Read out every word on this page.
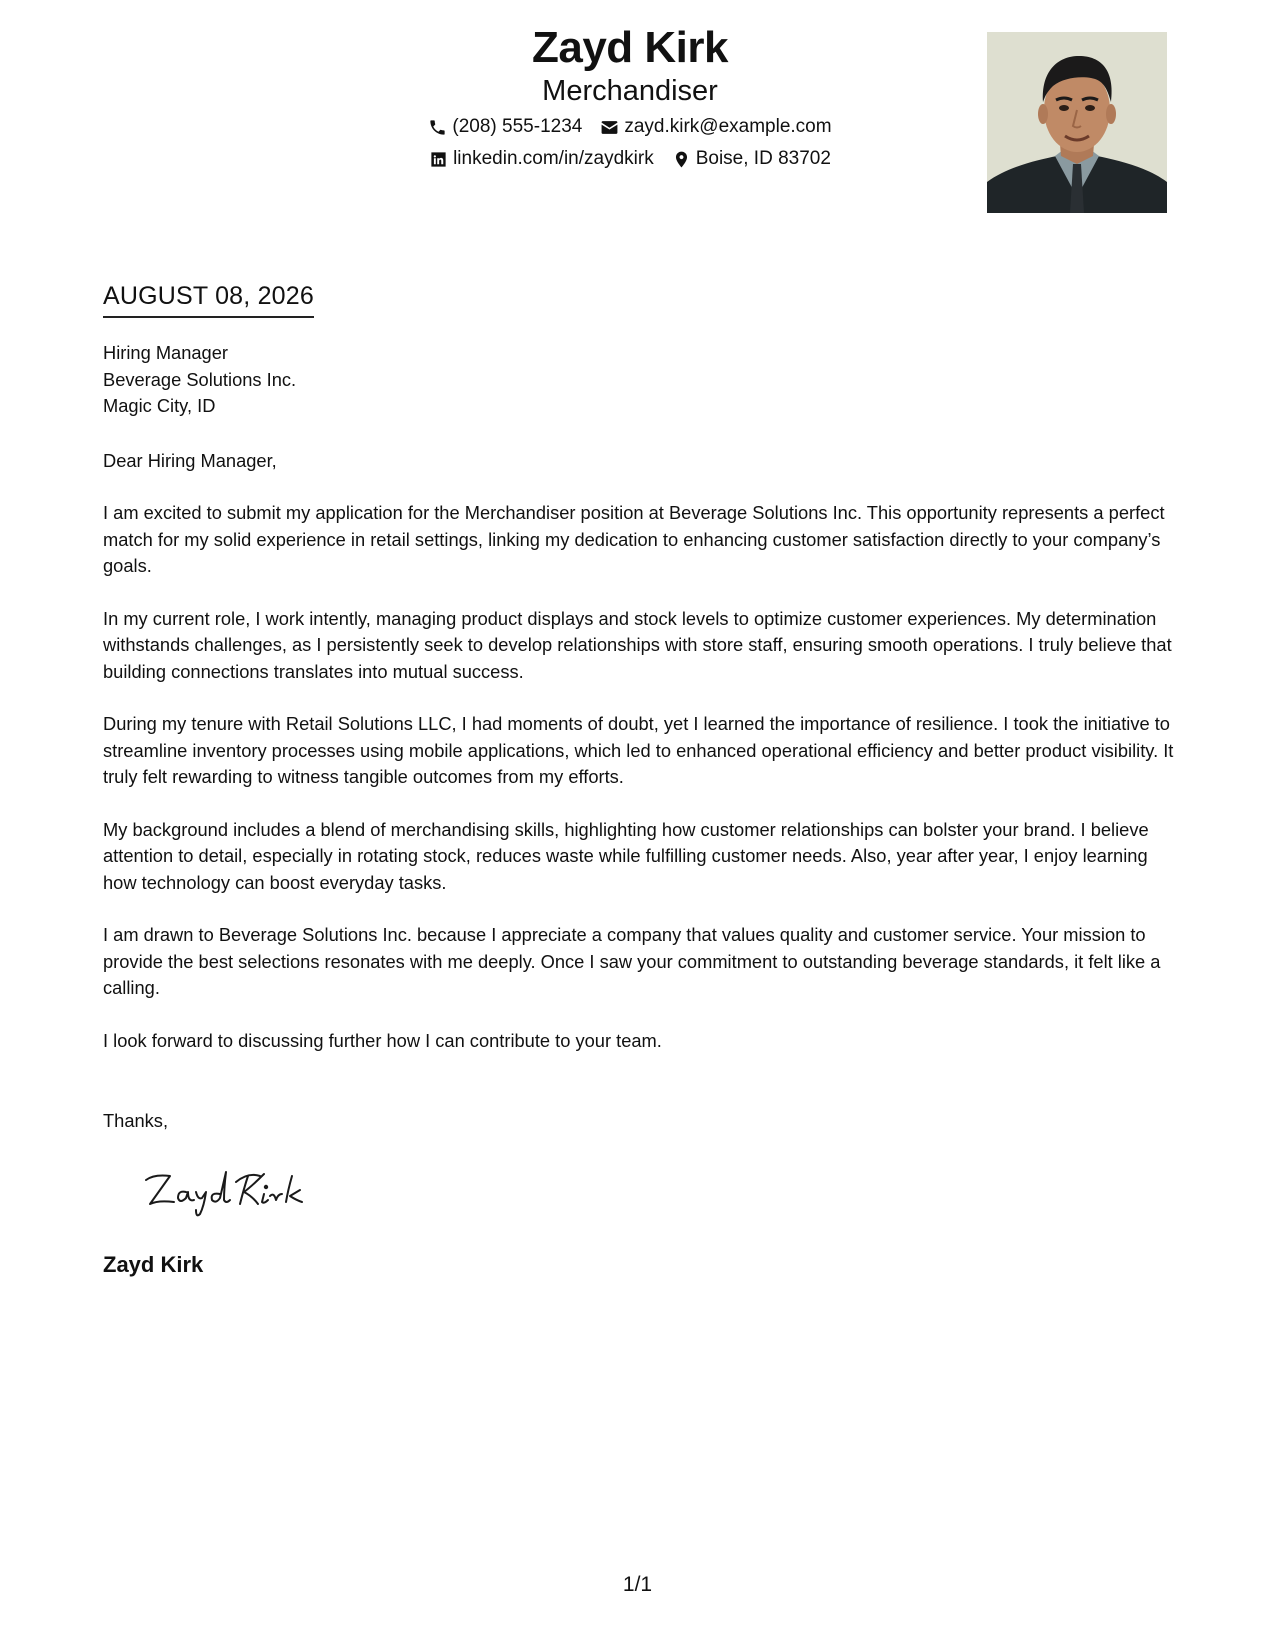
Zayd Kirk
Merchandiser
(208) 555-1234 zayd.kirk@example.com
linkedin.com/in/zaydkirk Boise, ID 83702
AUGUST 08, 2026
Hiring Manager
Beverage Solutions Inc.
Magic City, ID
Dear Hiring Manager,
I am excited to submit my application for the Merchandiser position at Beverage Solutions Inc. This opportunity represents a perfect match for my solid experience in retail settings, linking my dedication to enhancing customer satisfaction directly to your company’s goals.
In my current role, I work intently, managing product displays and stock levels to optimize customer experiences. My determination withstands challenges, as I persistently seek to develop relationships with store staff, ensuring smooth operations. I truly believe that building connections translates into mutual success.
During my tenure with Retail Solutions LLC, I had moments of doubt, yet I learned the importance of resilience. I took the initiative to streamline inventory processes using mobile applications, which led to enhanced operational efficiency and better product visibility. It truly felt rewarding to witness tangible outcomes from my efforts.
My background includes a blend of merchandising skills, highlighting how customer relationships can bolster your brand. I believe attention to detail, especially in rotating stock, reduces waste while fulfilling customer needs. Also, year after year, I enjoy learning how technology can boost everyday tasks.
I am drawn to Beverage Solutions Inc. because I appreciate a company that values quality and customer service. Your mission to provide the best selections resonates with me deeply. Once I saw your commitment to outstanding beverage standards, it felt like a calling.
I look forward to discussing further how I can contribute to your team.
Thanks,
Zayd Kirk
1/1
